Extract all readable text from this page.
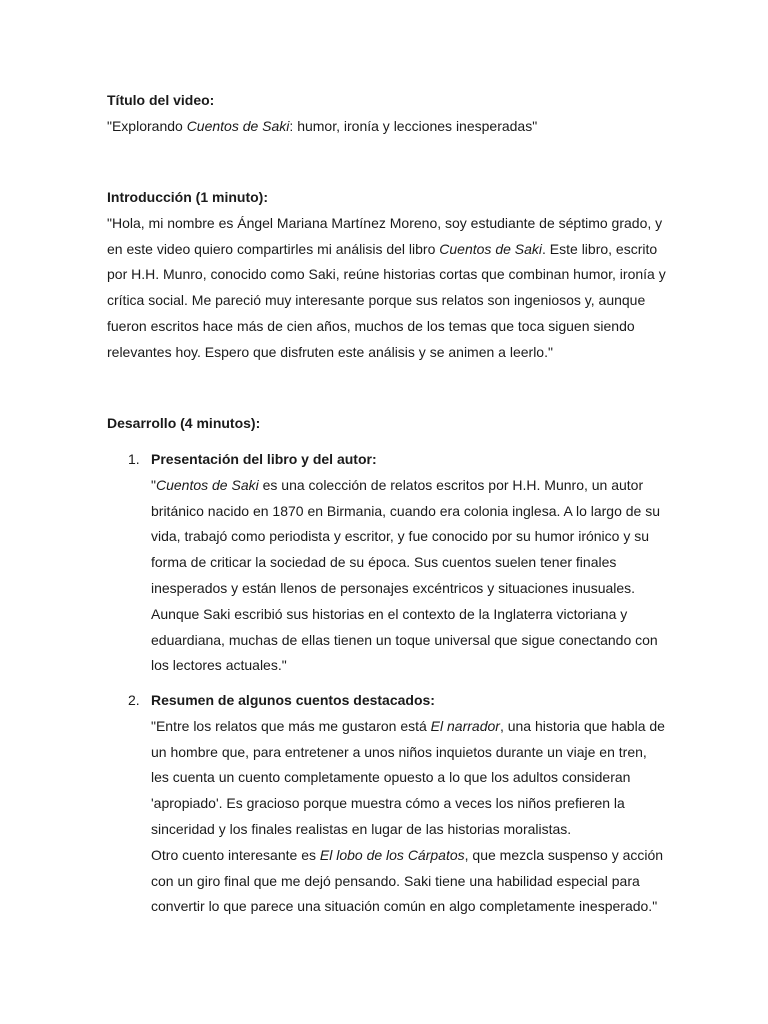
Título del video:

"Explorando Cuentos de Saki: humor, ironía y lecciones inesperadas"

Introducción (1 minuto):

"Hola, mi nombre es Ángel Mariana Martínez Moreno, soy estudiante de séptimo grado, y en este video quiero compartirles mi análisis del libro Cuentos de Saki. Este libro, escrito por H.H. Munro, conocido como Saki, reúne historias cortas que combinan humor, ironía y crítica social. Me pareció muy interesante porque sus relatos son ingeniosos y, aunque fueron escritos hace más de cien años, muchos de los temas que toca siguen siendo relevantes hoy. Espero que disfruten este análisis y se animen a leerlo."

Desarrollo (4 minutos):

1. Presentación del libro y del autor:
"Cuentos de Saki es una colección de relatos escritos por H.H. Munro, un autor británico nacido en 1870 en Birmania, cuando era colonia inglesa. A lo largo de su vida, trabajó como periodista y escritor, y fue conocido por su humor irónico y su forma de criticar la sociedad de su época. Sus cuentos suelen tener finales inesperados y están llenos de personajes excéntricos y situaciones inusuales. Aunque Saki escribió sus historias en el contexto de la Inglaterra victoriana y eduardiana, muchas de ellas tienen un toque universal que sigue conectando con los lectores actuales."
2. Resumen de algunos cuentos destacados:
"Entre los relatos que más me gustaron está El narrador, una historia que habla de un hombre que, para entretener a unos niños inquietos durante un viaje en tren, les cuenta un cuento completamente opuesto a lo que los adultos consideran 'apropiado'. Es gracioso porque muestra cómo a veces los niños prefieren la sinceridad y los finales realistas en lugar de las historias moralistas.
Otro cuento interesante es El lobo de los Cárpatos, que mezcla suspenso y acción con un giro final que me dejó pensando. Saki tiene una habilidad especial para convertir lo que parece una situación común en algo completamente inesperado."
